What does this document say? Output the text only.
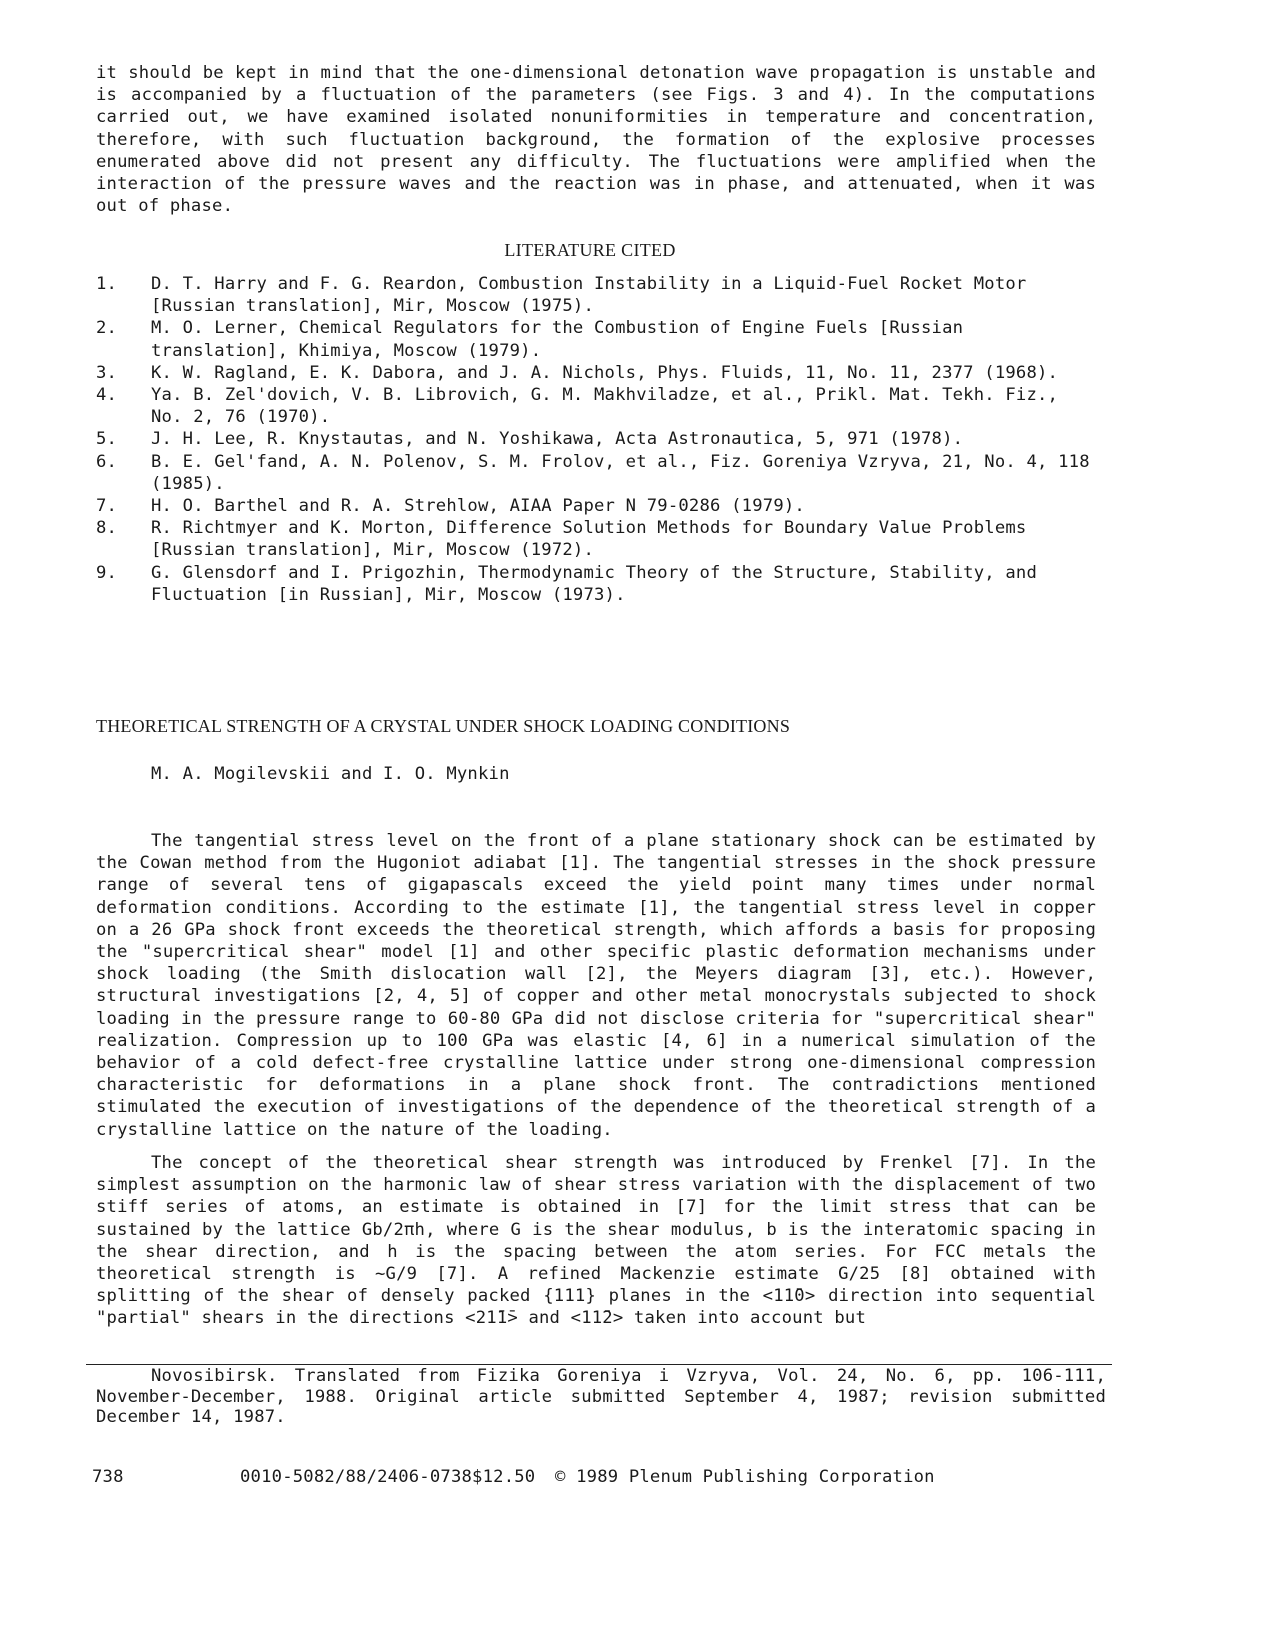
it should be kept in mind that the one-dimensional detonation wave propagation is unstable and is accompanied by a fluctuation of the parameters (see Figs. 3 and 4). In the computations carried out, we have examined isolated nonuniformities in temperature and concentration, therefore, with such fluctuation background, the formation of the explosive processes enumerated above did not present any difficulty. The fluctuations were amplified when the interaction of the pressure waves and the reaction was in phase, and attenuated, when it was out of phase.

LITERATURE CITED
1.	D. T. Harry and F. G. Reardon, Combustion Instability in a Liquid-Fuel Rocket Motor [Russian translation], Mir, Moscow (1975).
2.	M. O. Lerner, Chemical Regulators for the Combustion of Engine Fuels [Russian translation], Khimiya, Moscow (1979).
3.	K. W. Ragland, E. K. Dabora, and J. A. Nichols, Phys. Fluids, 11, No. 11, 2377 (1968).
4.	Ya. B. Zel'dovich, V. B. Librovich, G. M. Makhviladze, et al., Prikl. Mat. Tekh. Fiz., No. 2, 76 (1970).
5.	J. H. Lee, R. Knystautas, and N. Yoshikawa, Acta Astronautica, 5, 971 (1978).
6.	B. E. Gel'fand, A. N. Polenov, S. M. Frolov, et al., Fiz. Goreniya Vzryva, 21, No. 4, 118 (1985).
7.	H. O. Barthel and R. A. Strehlow, AIAA Paper N 79-0286 (1979).
8.	R. Richtmyer and K. Morton, Difference Solution Methods for Boundary Value Problems [Russian translation], Mir, Moscow (1972).
9.	G. Glensdorf and I. Prigozhin, Thermodynamic Theory of the Structure, Stability, and Fluctuation [in Russian], Mir, Moscow (1973).
THEORETICAL STRENGTH OF A CRYSTAL UNDER SHOCK LOADING CONDITIONS
M. A. Mogilevskii and I. O. Mynkin

The tangential stress level on the front of a plane stationary shock can be estimated by the Cowan method from the Hugoniot adiabat [1]. The tangential stresses in the shock pressure range of several tens of gigapascals exceed the yield point many times under normal deformation conditions. According to the estimate [1], the tangential stress level in copper on a 26 GPa shock front exceeds the theoretical strength, which affords a basis for proposing the "supercritical shear" model [1] and other specific plastic deformation mechanisms under shock loading (the Smith dislocation wall [2], the Meyers diagram [3], etc.). However, structural investigations [2, 4, 5] of copper and other metal monocrystals subjected to shock loading in the pressure range to 60-80 GPa did not disclose criteria for "supercritical shear" realization. Compression up to 100 GPa was elastic [4, 6] in a numerical simulation of the behavior of a cold defect-free crystalline lattice under strong one-dimensional compression characteristic for deformations in a plane shock front. The contradictions mentioned stimulated the execution of investigations of the dependence of the theoretical strength of a crystalline lattice on the nature of the loading.

The concept of the theoretical shear strength was introduced by Frenkel [7]. In the simplest assumption on the harmonic law of shear stress variation with the displacement of two stiff series of atoms, an estimate is obtained in [7] for the limit stress that can be sustained by the lattice Gb/2πh, where G is the shear modulus, b is the interatomic spacing in the shear direction, and h is the spacing between the atom series. For FCC metals the theoretical strength is ~G/9 [7]. A refined Mackenzie estimate G/25 [8] obtained with splitting of the shear of densely packed {111} planes in the <11̄0> direction into sequential "partial" shears in the directions <21̄1̄> and <11̄2> taken into account but

Novosibirsk. Translated from Fizika Goreniya i Vzryva, Vol. 24, No. 6, pp. 106-111, November-December, 1988. Original article submitted September 4, 1987; revision submitted December 14, 1987.

738	0010-5082/88/2406-0738$12.50 © 1989 Plenum Publishing Corporation
